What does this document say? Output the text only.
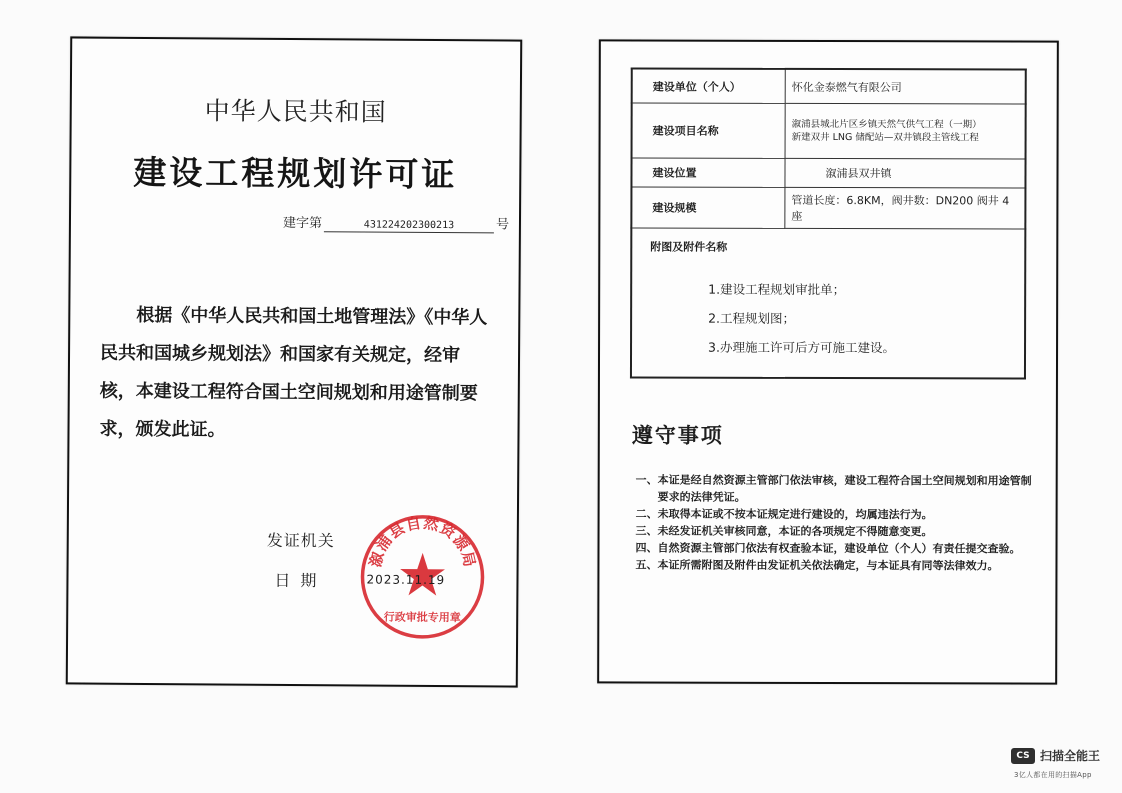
中华人民共和国
建设工程规划许可证
建字第	431224202300213	号

根据《中华人民共和国土地管理法》《中华人民共和国城乡规划法》和国家有关规定，经审核，本建设工程符合国土空间规划和用途管制要求，颁发此证。

发证机关
日期
溆浦县自然资源局
行政审批专用章
2023.11.19
建设单位（个人）	怀化金泰燃气有限公司
建设项目名称	溆浦县城北片区乡镇天然气供气工程（一期）
新建双井 LNG 储配站—双井镇段主管线工程

建设位置	溆浦县双井镇
建设规模	管道长度：6.8KM，阀井数：DN200 阀井 4 座

附图及附件名称
1.建设工程规划审批单；
2.工程规划图；
3.办理施工许可后方可施工建设。	
遵守事项
一、 本证是经自然资源主管部门依法审核，建设工程符合国土空间规划和用途管制要求的法律凭证。
二、 未取得本证或不按本证规定进行建设的，均属违法行为。
三、 未经发证机关审核同意，本证的各项规定不得随意变更。
四、 自然资源主管部门依法有权查验本证，建设单位（个人）有责任提交查验。
五、 本证所需附图及附件由发证机关依法确定，与本证具有同等法律效力。
CS 扫描全能王
3亿人都在用的扫描App
